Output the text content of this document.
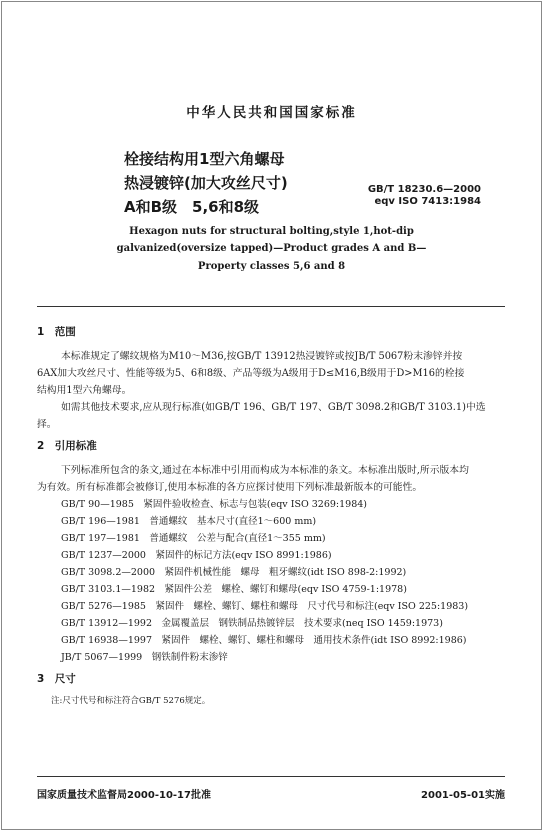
中华人民共和国国家标准
栓接结构用1型六角螺母
热浸镀锌(加大攻丝尺寸)
A和B级　5,6和8级
GB/T 18230.6—2000
eqv ISO 7413:1984
Hexagon nuts for structural bolting,style 1,hot-dip
galvanized(oversize tapped)—Product grades A and B—
Property classes 5,6 and 8
1　范围
本标准规定了螺纹规格为M10～M36,按GB/T 13912热浸镀锌或按JB/T 5067粉末渗锌并按
6AX加大攻丝尺寸、性能等级为5、6和8级、产品等级为A级用于D≤M16,B级用于D>M16的栓接
结构用1型六角螺母。
如需其他技术要求,应从现行标准(如GB/T 196、GB/T 197、GB/T 3098.2和GB/T 3103.1)中选
择。
2　引用标准
下列标准所包含的条文,通过在本标准中引用而构成为本标准的条文。本标准出版时,所示版本均
为有效。所有标准都会被修订,使用本标准的各方应探讨使用下列标准最新版本的可能性。
GB/T 90—1985　紧固件验收检查、标志与包装(eqv ISO 3269:1984)
GB/T 196—1981　普通螺纹　基本尺寸(直径1～600 mm)
GB/T 197—1981　普通螺纹　公差与配合(直径1～355 mm)
GB/T 1237—2000　紧固件的标记方法(eqv ISO 8991:1986)
GB/T 3098.2—2000　紧固件机械性能　螺母　粗牙螺纹(idt ISO 898-2:1992)
GB/T 3103.1—1982　紧固件公差　螺栓、螺钉和螺母(eqv ISO 4759-1:1978)
GB/T 5276—1985　紧固件　螺栓、螺钉、螺柱和螺母　尺寸代号和标注(eqv ISO 225:1983)
GB/T 13912—1992　金属覆盖层　钢铁制品热镀锌层　技术要求(neq ISO 1459:1973)
GB/T 16938—1997　紧固件　螺栓、螺钉、螺柱和螺母　通用技术条件(idt ISO 8992:1986)
JB/T 5067—1999　钢铁制件粉末渗锌
3　尺寸
注:尺寸代号和标注符合GB/T 5276规定。
国家质量技术监督局2000-10-17批准	2001-05-01实施
